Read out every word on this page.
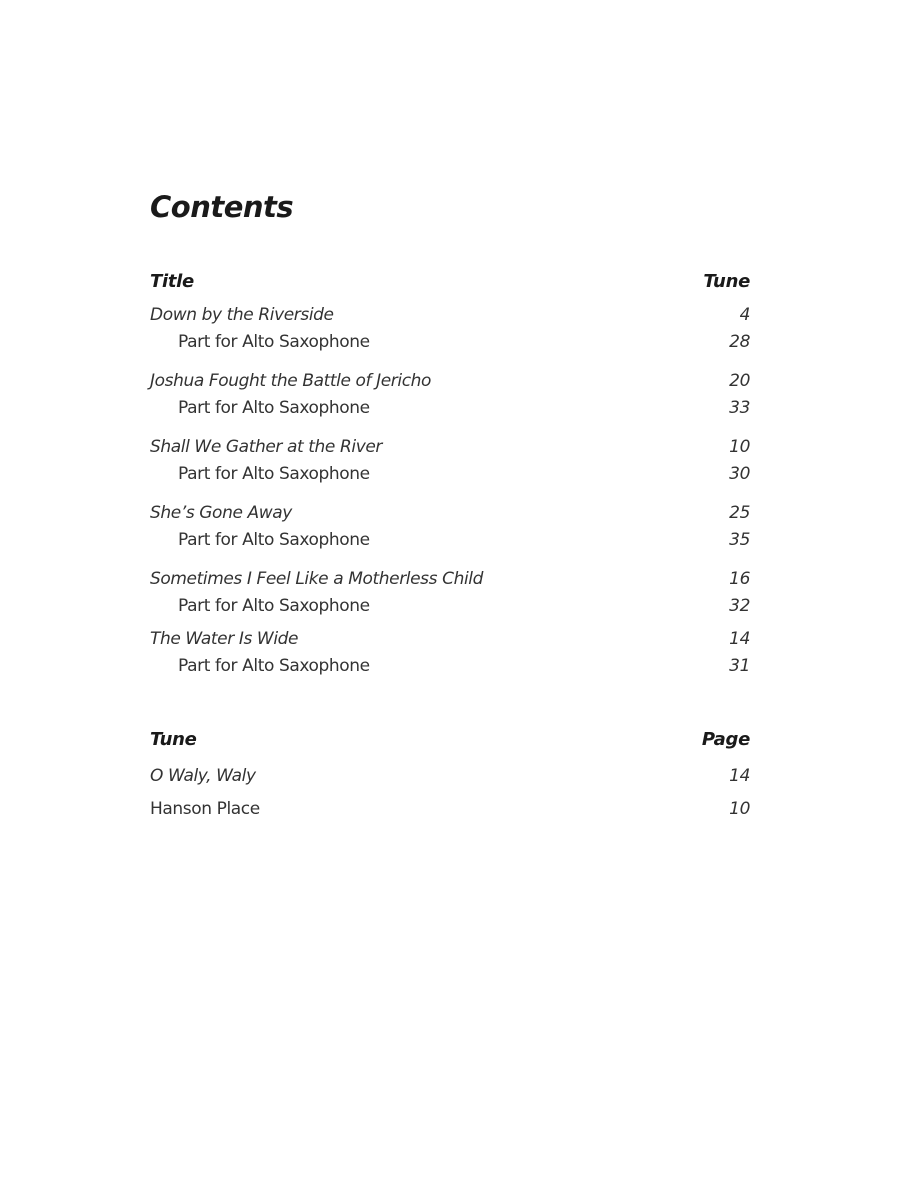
Contents
Title	Tune
Down by the Riverside	4
Part for Alto Saxophone	28
Joshua Fought the Battle of Jericho	20
Part for Alto Saxophone	33
Shall We Gather at the River	10
Part for Alto Saxophone	30
She’s Gone Away	25
Part for Alto Saxophone	35
Sometimes I Feel Like a Motherless Child	16
Part for Alto Saxophone	32
The Water Is Wide	14
Part for Alto Saxophone	31
Tune	Page
O Waly, Waly	14
Hanson Place	10
